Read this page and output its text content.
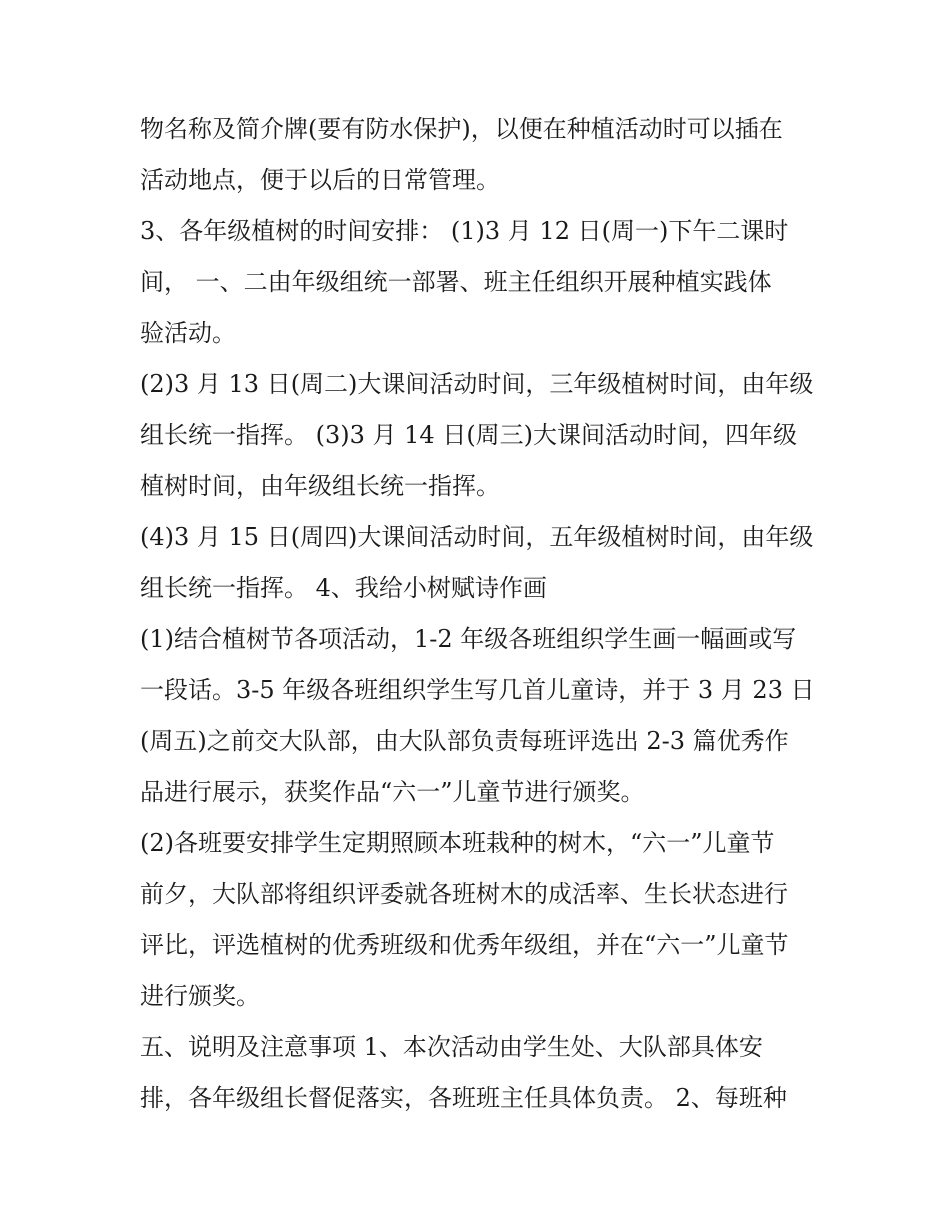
物名称及简介牌(要有防水保护)，以便在种植活动时可以插在
活动地点，便于以后的日常管理。
3、各年级植树的时间安排： (1)3 月 12 日(周一)下午二课时
间， 一、二由年级组统一部署、班主任组织开展种植实践体
验活动。
(2)3 月 13 日(周二)大课间活动时间，三年级植树时间，由年级
组长统一指挥。 (3)3 月 14 日(周三)大课间活动时间，四年级
植树时间，由年级组长统一指挥。
(4)3 月 15 日(周四)大课间活动时间，五年级植树时间，由年级
组长统一指挥。 4、我给小树赋诗作画
(1)结合植树节各项活动，1-2 年级各班组织学生画一幅画或写
一段话。3-5 年级各班组织学生写几首儿童诗，并于 3 月 23 日
(周五)之前交大队部，由大队部负责每班评选出 2-3 篇优秀作
品进行展示，获奖作品“六一”儿童节进行颁奖。
(2)各班要安排学生定期照顾本班栽种的树木，“六一”儿童节
前夕，大队部将组织评委就各班树木的成活率、生长状态进行
评比，评选植树的优秀班级和优秀年级组，并在“六一”儿童节
进行颁奖。
五、说明及注意事项 1、本次活动由学生处、大队部具体安
排，各年级组长督促落实，各班班主任具体负责。 2、每班种
